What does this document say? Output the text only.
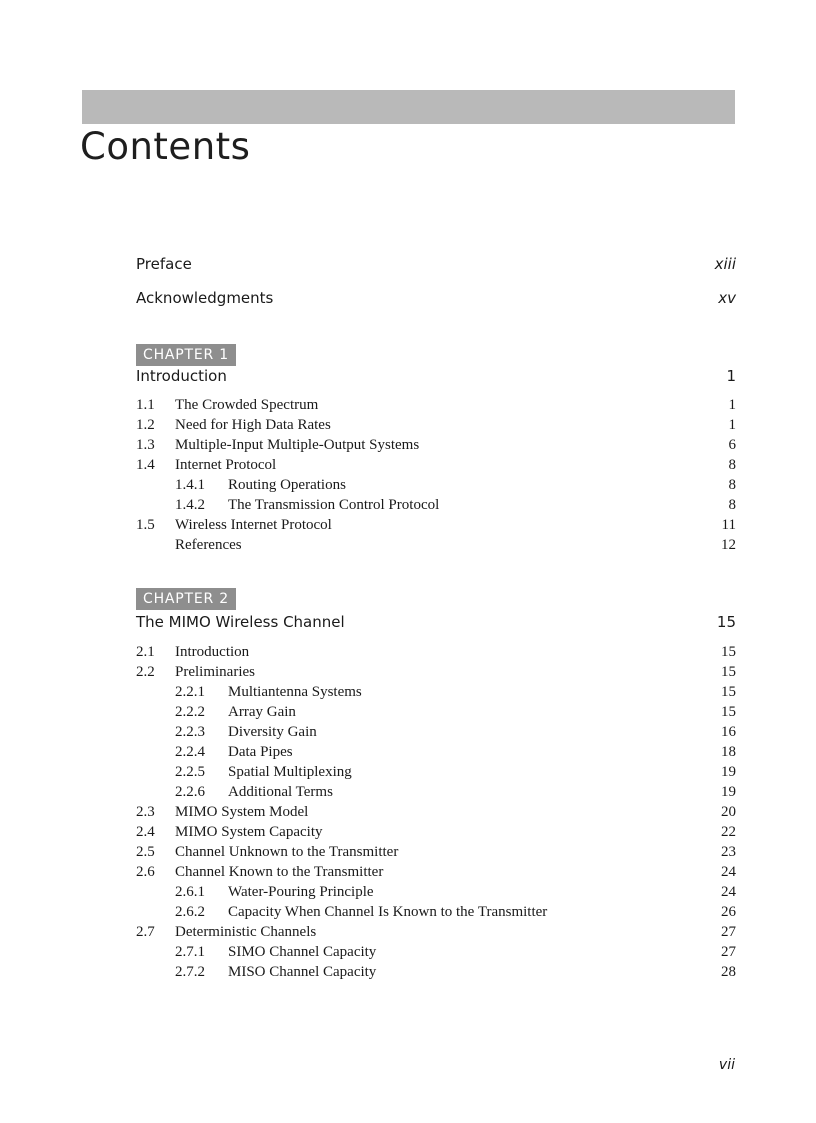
Contents
Preface	xiii
Acknowledgments	xv
CHAPTER 1
Introduction	1
1.1 The Crowded Spectrum	1
1.2 Need for High Data Rates	1
1.3 Multiple-Input Multiple-Output Systems	6
1.4 Internet Protocol	8
1.4.1 Routing Operations	8
1.4.2 The Transmission Control Protocol	8
1.5 Wireless Internet Protocol	11
References	12
CHAPTER 2
The MIMO Wireless Channel	15
2.1 Introduction	15
2.2 Preliminaries	15
2.2.1 Multiantenna Systems	15
2.2.2 Array Gain	15
2.2.3 Diversity Gain	16
2.2.4 Data Pipes	18
2.2.5 Spatial Multiplexing	19
2.2.6 Additional Terms	19
2.3 MIMO System Model	20
2.4 MIMO System Capacity	22
2.5 Channel Unknown to the Transmitter	23
2.6 Channel Known to the Transmitter	24
2.6.1 Water-Pouring Principle	24
2.6.2 Capacity When Channel Is Known to the Transmitter	26
2.7 Deterministic Channels	27
2.7.1 SIMO Channel Capacity	27
2.7.2 MISO Channel Capacity	28
vii
